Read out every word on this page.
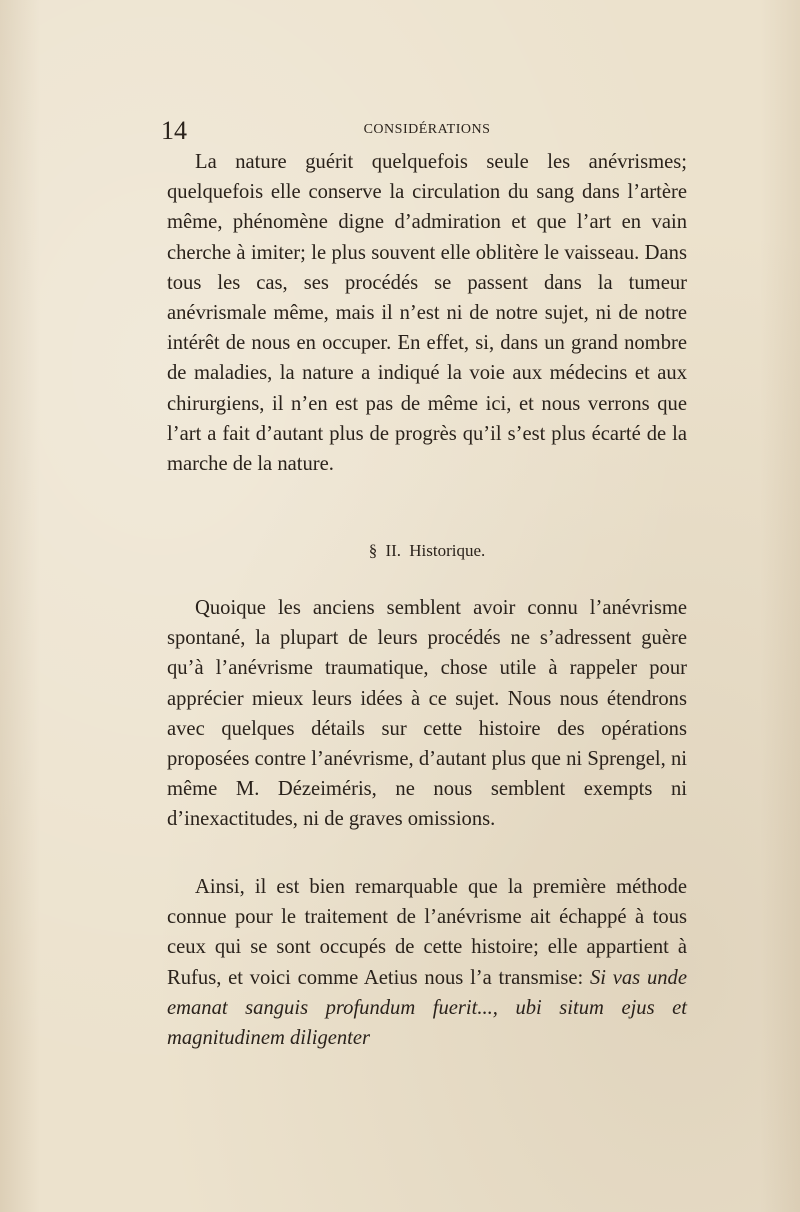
14	CONSIDÉRATIONS

La nature guérit quelquefois seule les anévrismes; quelquefois elle conserve la circulation du sang dans l’artère même, phénomène digne d’admiration et que l’art en vain cherche à imiter; le plus souvent elle oblitère le vaisseau. Dans tous les cas, ses procédés se passent dans la tumeur anévrismale même, mais il n’est ni de notre sujet, ni de notre intérêt de nous en occuper. En effet, si, dans un grand nombre de maladies, la nature a indiqué la voie aux médecins et aux chirurgiens, il n’en est pas de même ici, et nous verrons que l’art a fait d’autant plus de progrès qu’il s’est plus écarté de la marche de la nature.

§ II. Historique.

Quoique les anciens semblent avoir connu l’anévrisme spontané, la plupart de leurs procédés ne s’adressent guère qu’à l’anévrisme traumatique, chose utile à rappeler pour apprécier mieux leurs idées à ce sujet. Nous nous étendrons avec quelques détails sur cette histoire des opérations proposées contre l’anévrisme, d’autant plus que ni Sprengel, ni même M. Dézeiméris, ne nous semblent exempts ni d’inexactitudes, ni de graves omissions.

Ainsi, il est bien remarquable que la première méthode connue pour le traitement de l’anévrisme ait échappé à tous ceux qui se sont occupés de cette histoire; elle appartient à Rufus, et voici comme Aetius nous l’a transmise: Si vas unde emanat sanguis profundum fuerit..., ubi situm ejus et magnitudinem diligenter
